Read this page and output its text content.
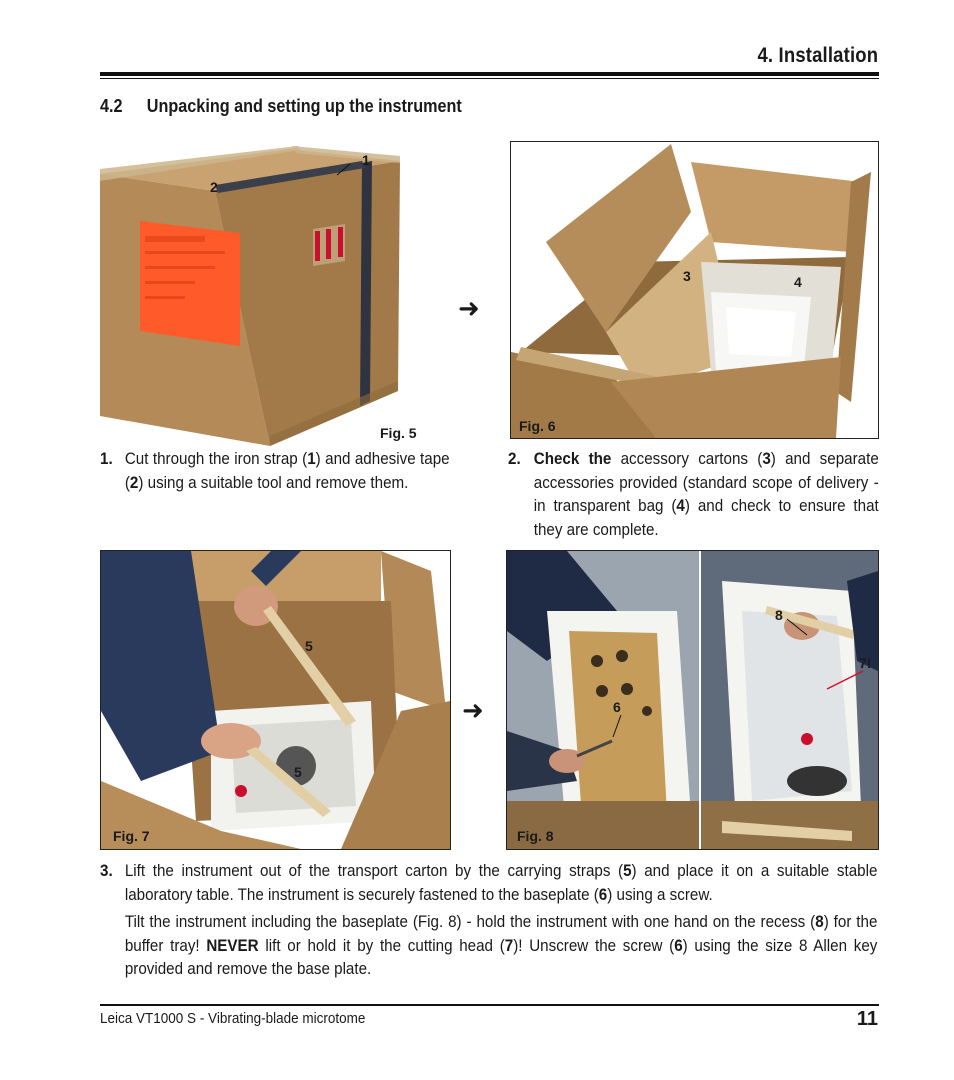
4. Installation
4.2 Unpacking and setting up the instrument
1
2
Fig. 5
➜
3	4
Fig. 6
1. Cut through the iron strap (1) and adhesive tape (2) using a suitable tool and remove them.
2. Check the accessory cartons (3) and separate accessories provided (standard scope of delivery - in transparent bag (4) and check to ensure that they are complete.
5
5
Fig. 7
➜	6
8
7!
Fig. 8
3. Lift the instrument out of the transport carton by the carrying straps (5) and place it on a suitable stable laboratory table. The instrument is securely fastened to the baseplate (6) using a screw.
Tilt the instrument including the baseplate (Fig. 8) - hold the instrument with one hand on the recess (8) for the buffer tray! NEVER lift or hold it by the cutting head (7)! Unscrew the screw (6) using the size 8 Allen key provided and remove the base plate.
Leica VT1000 S - Vibrating-blade microtome	11
